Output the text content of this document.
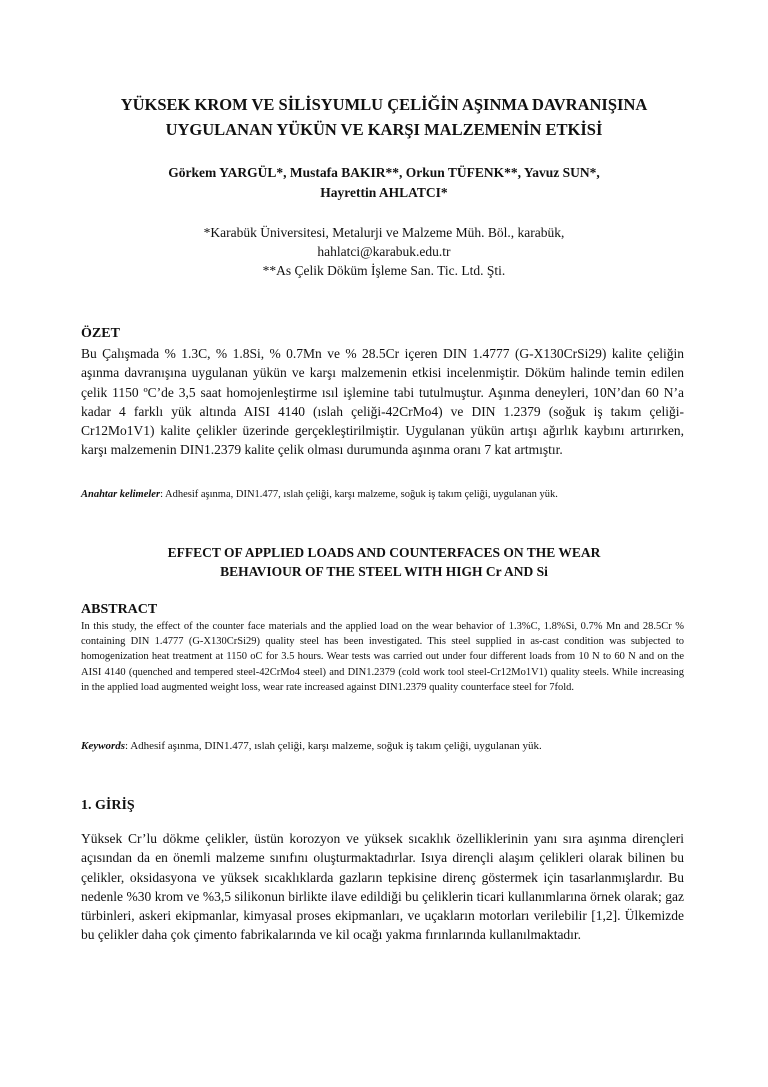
YÜKSEK KROM VE SİLİSYUMLU ÇELİĞİN AŞINMA DAVRANIŞINA
UYGULANAN YÜKÜN VE KARŞI MALZEMENİN ETKİSİ
Görkem YARGÜL*, Mustafa BAKIR**, Orkun TÜFENK**, Yavuz SUN*,
Hayrettin AHLATCI*
*Karabük Üniversitesi, Metalurji ve Malzeme Müh. Böl., karabük,
hahlatci@karabuk.edu.tr
**As Çelik Döküm İşleme San. Tic. Ltd. Şti.
ÖZET
Bu Çalışmada % 1.3C, % 1.8Si, % 0.7Mn ve % 28.5Cr içeren DIN 1.4777 (G-X130CrSi29) kalite çeliğin aşınma davranışına uygulanan yükün ve karşı malzemenin etkisi incelenmiştir. Döküm halinde temin edilen çelik 1150 ºC’de 3,5 saat homojenleştirme ısıl işlemine tabi tutulmuştur. Aşınma deneyleri, 10N’dan 60 N’a kadar 4 farklı yük altında AISI 4140 (ıslah çeliği-42CrMo4) ve DIN 1.2379 (soğuk iş takım çeliği-Cr12Mo1V1) kalite çelikler üzerinde gerçekleştirilmiştir. Uygulanan yükün artışı ağırlık kaybını artırırken, karşı malzemenin DIN1.2379 kalite çelik olması durumunda aşınma oranı 7 kat artmıştır.
Anahtar kelimeler: Adhesif aşınma, DIN1.477, ıslah çeliği, karşı malzeme, soğuk iş takım çeliği, uygulanan yük.
EFFECT OF APPLIED LOADS AND COUNTERFACES ON THE WEAR
BEHAVIOUR OF THE STEEL WITH HIGH Cr AND Si
ABSTRACT
In this study, the effect of the counter face materials and the applied load on the wear behavior of 1.3%C, 1.8%Si, 0.7% Mn and 28.5Cr % containing DIN 1.4777 (G-X130CrSi29) quality steel has been investigated. This steel supplied in as-cast condition was subjected to homogenization heat treatment at 1150 oC for 3.5 hours. Wear tests was carried out under four different loads from 10 N to 60 N and on the AISI 4140 (quenched and tempered steel-42CrMo4 steel) and DIN1.2379 (cold work tool steel-Cr12Mo1V1) quality steels. While increasing in the applied load augmented weight loss, wear rate increased against DIN1.2379 quality counterface steel for 7fold.
Keywords: Adhesif aşınma, DIN1.477, ıslah çeliği, karşı malzeme, soğuk iş takım çeliği, uygulanan yük.
1. GİRİŞ
Yüksek Cr’lu dökme çelikler, üstün korozyon ve yüksek sıcaklık özelliklerinin yanı sıra aşınma dirençleri açısından da en önemli malzeme sınıfını oluşturmaktadırlar. Isıya dirençli alaşım çelikleri olarak bilinen bu çelikler, oksidasyona ve yüksek sıcaklıklarda gazların tepkisine direnç göstermek için tasarlanmışlardır. Bu nedenle %30 krom ve %3,5 silikonun birlikte ilave edildiği bu çeliklerin ticari kullanımlarına örnek olarak; gaz türbinleri, askeri ekipmanlar, kimyasal proses ekipmanları, ve uçakların motorları verilebilir [1,2]. Ülkemizde bu çelikler daha çok çimento fabrikalarında ve kil ocağı yakma fırınlarında kullanılmaktadır.
